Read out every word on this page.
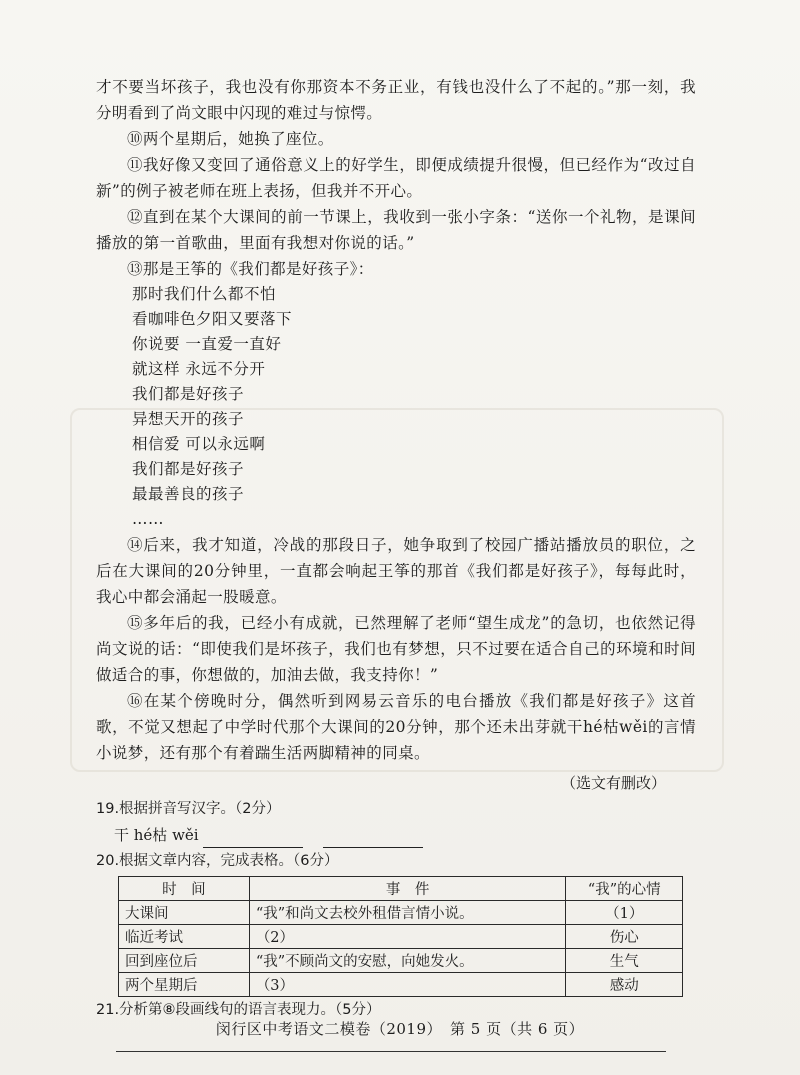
才不要当坏孩子，我也没有你那资本不务正业，有钱也没什么了不起的。”那一刻，我分明看到了尚文眼中闪现的难过与惊愕。

⑩两个星期后，她换了座位。

⑪我好像又变回了通俗意义上的好学生，即便成绩提升很慢，但已经作为“改过自新”的例子被老师在班上表扬，但我并不开心。

⑫直到在某个大课间的前一节课上，我收到一张小字条：“送你一个礼物，是课间播放的第一首歌曲，里面有我想对你说的话。”

⑬那是王筝的《我们都是好孩子》：

那时我们什么都不怕
看咖啡色夕阳又要落下
你说要 一直爱一直好
就这样 永远不分开
我们都是好孩子
异想天开的孩子
相信爱 可以永远啊
我们都是好孩子
最最善良的孩子
……

⑭后来，我才知道，冷战的那段日子，她争取到了校园广播站播放员的职位，之后在大课间的20分钟里，一直都会响起王筝的那首《我们都是好孩子》，每每此时，我心中都会涌起一股暖意。

⑮多年后的我，已经小有成就，已然理解了老师“望生成龙”的急切，也依然记得尚文说的话：“即使我们是坏孩子，我们也有梦想，只不过要在适合自己的环境和时间做适合的事，你想做的，加油去做，我支持你！”

⑯在某个傍晚时分，偶然听到网易云音乐的电台播放《我们都是好孩子》这首歌，不觉又想起了中学时代那个大课间的20分钟，那个还未出芽就干hé枯wěi的言情小说梦，还有那个有着踹生活两脚精神的同桌。

（选文有删改）
19.根据拼音写汉字。（2分）
干 hé枯 wěi
20.根据文章内容，完成表格。（6分）
时　间	事　件	“我”的心情
大课间	“我”和尚文去校外租借言情小说。	（1）
临近考试	（2）	伤心
回到座位后	“我”不顾尚文的安慰，向她发火。	生气
两个星期后	（3）	感动
21.分析第⑧段画线句的语言表现力。（5分）
闵行区中考语文二模卷（2019）　第 5 页（共 6 页）
